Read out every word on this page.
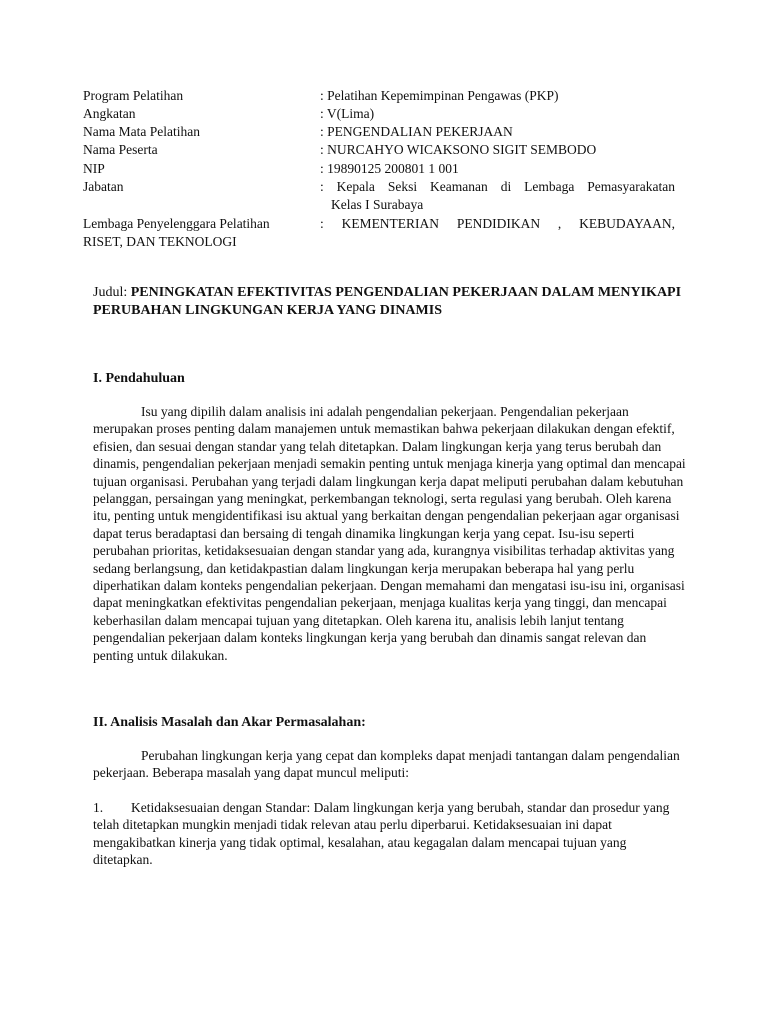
Program Pelatihan	: Pelatihan Kepemimpinan Pengawas (PKP)
Angkatan	: V(Lima)
Nama Mata Pelatihan	: PENGENDALIAN PEKERJAAN
Nama Peserta	: NURCAHYO WICAKSONO SIGIT SEMBODO
NIP	: 19890125 200801 1 001
Jabatan	: Kepala Seksi Keamanan di Lembaga Pemasyarakatan
Kelas I Surabaya
Lembaga Penyelenggara Pelatihan	: KEMENTERIAN PENDIDIKAN , KEBUDAYAAN,
RISET, DAN TEKNOLOGI
Judul: PENINGKATAN EFEKTIVITAS PENGENDALIAN PEKERJAAN DALAM MENYIKAPI PERUBAHAN LINGKUNGAN KERJA YANG DINAMIS
I. Pendahuluan
Isu yang dipilih dalam analisis ini adalah pengendalian pekerjaan. Pengendalian pekerjaan merupakan proses penting dalam manajemen untuk memastikan bahwa pekerjaan dilakukan dengan efektif, efisien, dan sesuai dengan standar yang telah ditetapkan. Dalam lingkungan kerja yang terus berubah dan dinamis, pengendalian pekerjaan menjadi semakin penting untuk menjaga kinerja yang optimal dan mencapai tujuan organisasi. Perubahan yang terjadi dalam lingkungan kerja dapat meliputi perubahan dalam kebutuhan pelanggan, persaingan yang meningkat, perkembangan teknologi, serta regulasi yang berubah. Oleh karena itu, penting untuk mengidentifikasi isu aktual yang berkaitan dengan pengendalian pekerjaan agar organisasi dapat terus beradaptasi dan bersaing di tengah dinamika lingkungan kerja yang cepat. Isu-isu seperti perubahan prioritas, ketidaksesuaian dengan standar yang ada, kurangnya visibilitas terhadap aktivitas yang sedang berlangsung, dan ketidakpastian dalam lingkungan kerja merupakan beberapa hal yang perlu diperhatikan dalam konteks pengendalian pekerjaan. Dengan memahami dan mengatasi isu-isu ini, organisasi dapat meningkatkan efektivitas pengendalian pekerjaan, menjaga kualitas kerja yang tinggi, dan mencapai keberhasilan dalam mencapai tujuan yang ditetapkan. Oleh karena itu, analisis lebih lanjut tentang pengendalian pekerjaan dalam konteks lingkungan kerja yang berubah dan dinamis sangat relevan dan penting untuk dilakukan.
II. Analisis Masalah dan Akar Permasalahan:
Perubahan lingkungan kerja yang cepat dan kompleks dapat menjadi tantangan dalam pengendalian pekerjaan. Beberapa masalah yang dapat muncul meliputi:
1. Ketidaksesuaian dengan Standar: Dalam lingkungan kerja yang berubah, standar dan prosedur yang telah ditetapkan mungkin menjadi tidak relevan atau perlu diperbarui. Ketidaksesuaian ini dapat mengakibatkan kinerja yang tidak optimal, kesalahan, atau kegagalan dalam mencapai tujuan yang ditetapkan.
